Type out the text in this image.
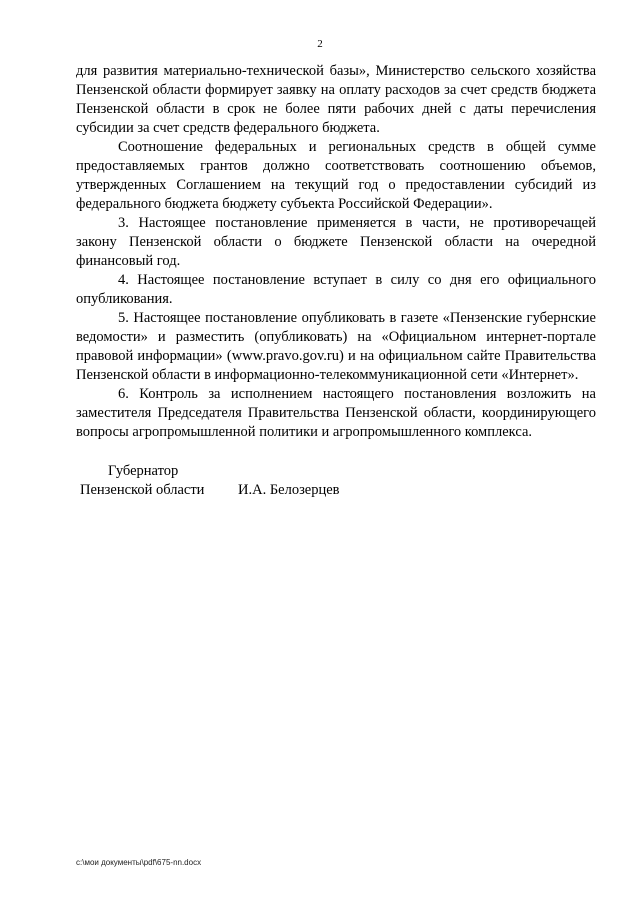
2

для развития материально-технической базы», Министерство сельского хозяйства Пензенской области формирует заявку на оплату расходов за счет средств бюджета Пензенской области в срок не более пяти рабочих дней с даты перечисления субсидии за счет средств федерального бюджета.

Соотношение федеральных и региональных средств в общей сумме предоставляемых грантов должно соответствовать соотношению объемов, утвержденных Соглашением на текущий год о предоставлении субсидий из федерального бюджета бюджету субъекта Российской Федерации».

3. Настоящее постановление применяется в части, не противоречащей закону Пензенской области о бюджете Пензенской области на очередной финансовый год.

4. Настоящее постановление вступает в силу со дня его официального опубликования.

5. Настоящее постановление опубликовать в газете «Пензенские губернские ведомости» и разместить (опубликовать) на «Официальном интернет-портале правовой информации» (www.pravo.gov.ru) и на официальном сайте Правительства Пензенской области в информационно-телекоммуникационной сети «Интернет».

6. Контроль за исполнением настоящего постановления возложить на заместителя Председателя Правительства Пензенской области, координирующего вопросы агропромышленной политики и агропромышленного комплекса.

Губернатор
Пензенской области И.А. Белозерцев
c:\мои документы\pdf\675-nn.docx
